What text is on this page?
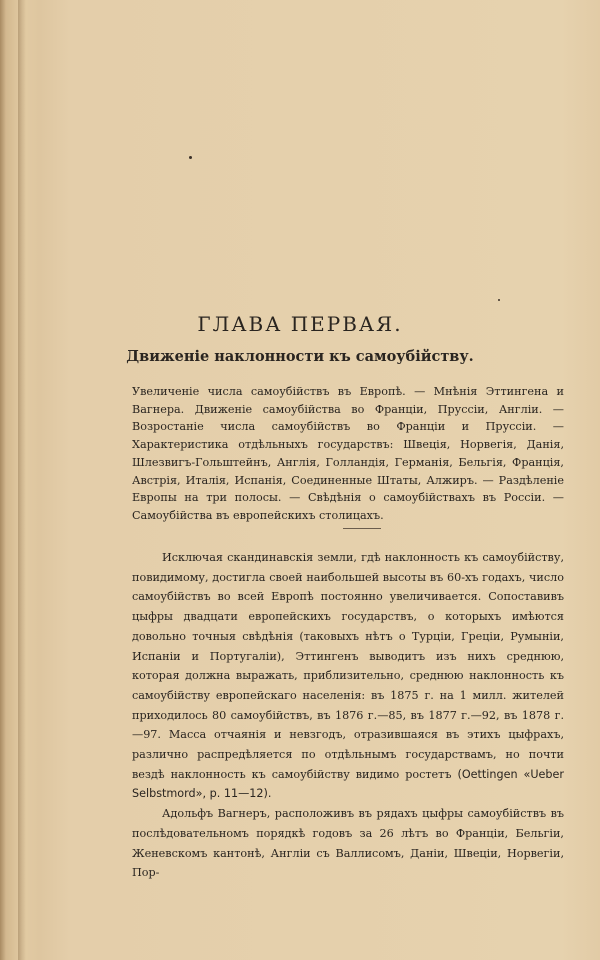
ГЛАВА ПЕРВАЯ.
Движеніе наклонности къ самоубійству.
Увеличеніе числа самоубійствъ въ Европѣ. — Мнѣнія Эттингена и Вагнера. Движеніе самоубійства во Франціи, Пруссіи, Англіи. — Возростаніе числа самоубійствъ во Франціи и Пруссіи. — Характеристика отдѣльныхъ государствъ: Швеція, Норвегія, Данія, Шлезвигъ-Гольштейнъ, Англія, Голландія, Германія, Бельгія, Франція, Австрія, Италія, Испанія, Соединенные Штаты, Алжиръ. — Раздѣленіе Европы на три полосы. — Свѣдѣнія о самоубійствахъ въ Россіи. — Самоубійства въ европейскихъ столицахъ.

Исключая скандинавскія земли, гдѣ наклонность къ самоубійству, повидимому, достигла своей наибольшей высоты въ 60-хъ годахъ, число самоубійствъ во всей Европѣ постоянно увеличивается. Сопоставивъ цыфры двадцати европейскихъ государствъ, о которыхъ имѣются довольно точныя свѣдѣнія (таковыхъ нѣтъ о Турціи, Греціи, Румыніи, Испаніи и Португаліи), Эттингенъ выводитъ изъ нихъ среднюю, которая должна выражать, приблизительно, среднюю наклонность къ самоубійству европейскаго населенія: въ 1875 г. на 1 милл. жителей приходилось 80 самоубійствъ, въ 1876 г.—85, въ 1877 г.—92, въ 1878 г.—97. Масса отчаянія и невзгодъ, отразившаяся въ этихъ цыфрахъ, различно распредѣляется по отдѣльнымъ государствамъ, но почти вездѣ наклонность къ самоубійству видимо ростетъ (Oettingen «Ueber Selbstmord», p. 11—12).

Адольфъ Вагнеръ, расположивъ въ рядахъ цыфры самоубійствъ въ послѣдовательномъ порядкѣ годовъ за 26 лѣтъ во Франціи, Бельгіи, Женевскомъ кантонѣ, Англіи съ Валлисомъ, Даніи, Швеціи, Норвегіи, Пор-
